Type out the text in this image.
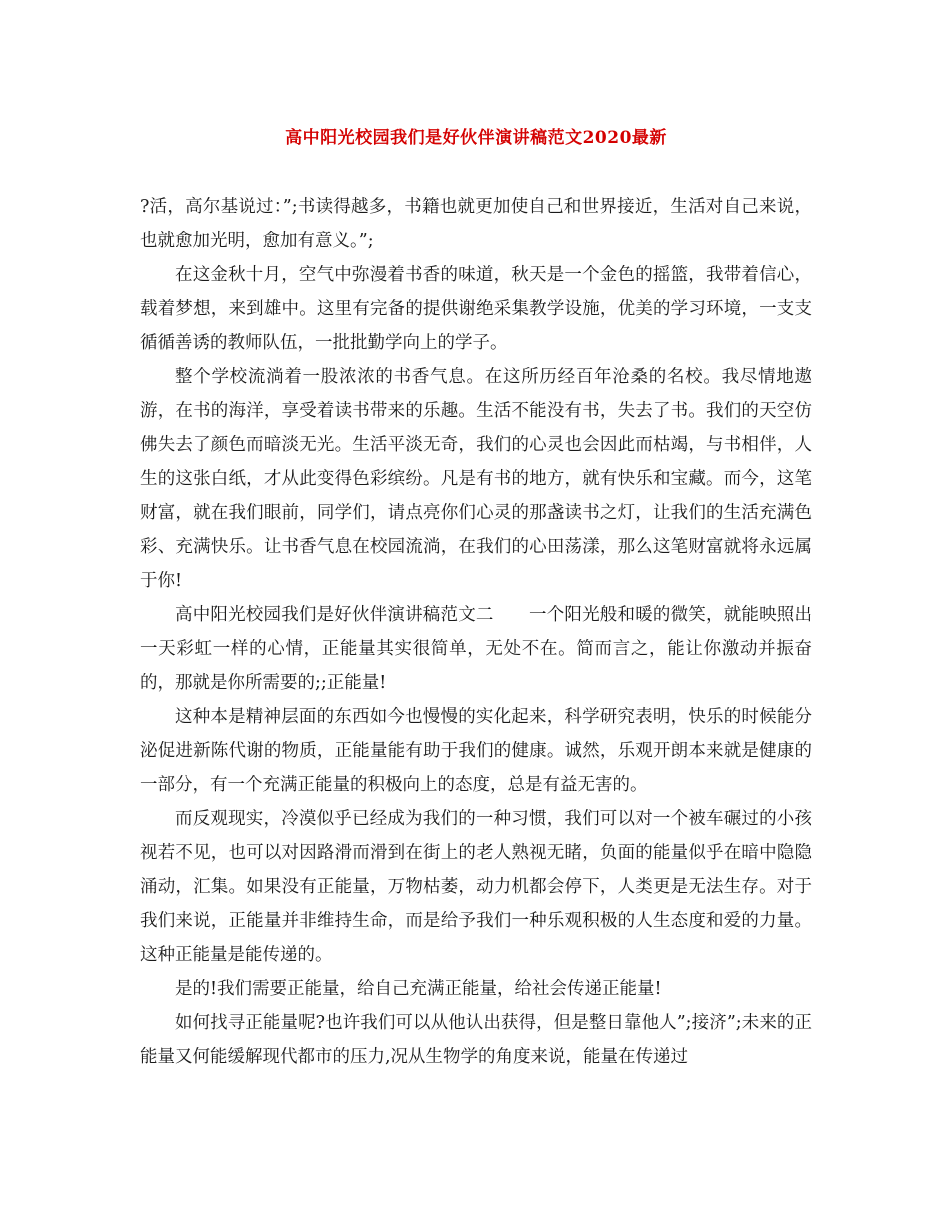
高中阳光校园我们是好伙伴演讲稿范文2020最新

?活，高尔基说过：”;书读得越多，书籍也就更加使自己和世界接近，生活对自己来说，也就愈加光明，愈加有意义。”;

在这金秋十月，空气中弥漫着书香的味道，秋天是一个金色的摇篮，我带着信心，载着梦想，来到雄中。这里有完备的提供谢绝采集教学设施，优美的学习环境，一支支循循善诱的教师队伍，一批批勤学向上的学子。

整个学校流淌着一股浓浓的书香气息。在这所历经百年沧桑的名校。我尽情地遨游，在书的海洋，享受着读书带来的乐趣。生活不能没有书，失去了书。我们的天空仿佛失去了颜色而暗淡无光。生活平淡无奇，我们的心灵也会因此而枯竭，与书相伴，人生的这张白纸，才从此变得色彩缤纷。凡是有书的地方，就有快乐和宝藏。而今，这笔财富，就在我们眼前，同学们，请点亮你们心灵的那盏读书之灯，让我们的生活充满色彩、充满快乐。让书香气息在校园流淌，在我们的心田荡漾，那么这笔财富就将永远属于你!

高中阳光校园我们是好伙伴演讲稿范文二　　一个阳光般和暖的微笑，就能映照出一天彩虹一样的心情，正能量其实很简单，无处不在。简而言之，能让你激动并振奋的，那就是你所需要的;;正能量!

这种本是精神层面的东西如今也慢慢的实化起来，科学研究表明，快乐的时候能分泌促进新陈代谢的物质，正能量能有助于我们的健康。诚然，乐观开朗本来就是健康的一部分，有一个充满正能量的积极向上的态度，总是有益无害的。

而反观现实，冷漠似乎已经成为我们的一种习惯，我们可以对一个被车碾过的小孩视若不见，也可以对因路滑而滑到在街上的老人熟视无睹，负面的能量似乎在暗中隐隐涌动，汇集。如果没有正能量，万物枯萎，动力机都会停下，人类更是无法生存。对于我们来说，正能量并非维持生命，而是给予我们一种乐观积极的人生态度和爱的力量。这种正能量是能传递的。

是的!我们需要正能量，给自己充满正能量，给社会传递正能量!

如何找寻正能量呢?也许我们可以从他认出获得，但是整日靠他人”;接济”;未来的正能量又何能缓解现代都市的压力,况从生物学的角度来说，能量在传递过
